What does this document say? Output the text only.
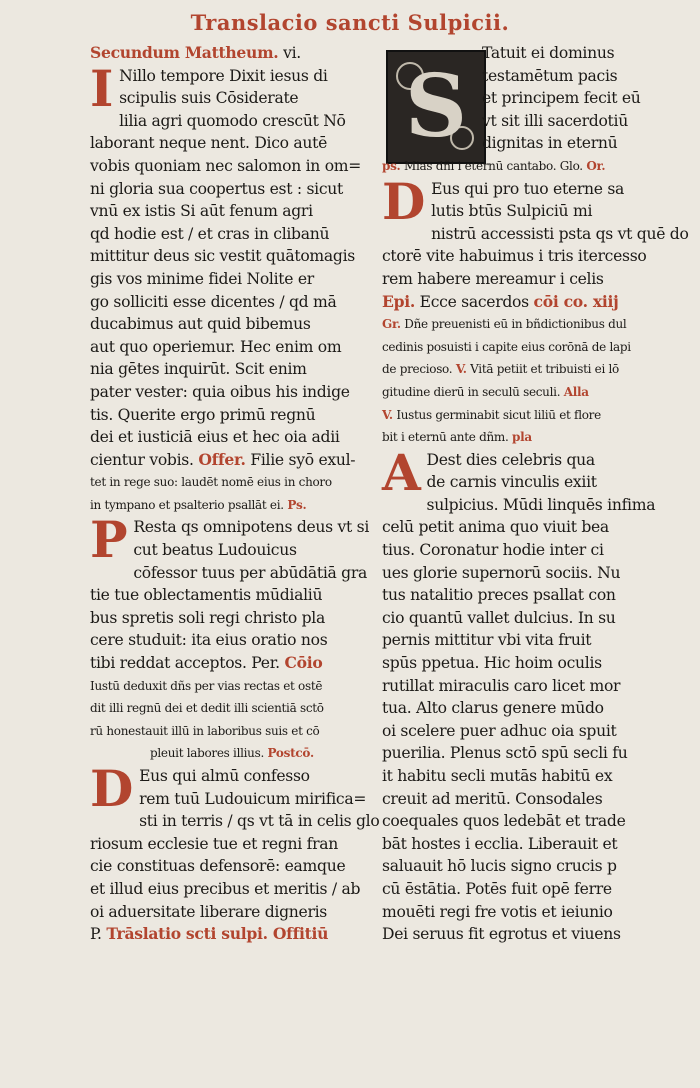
Translacio sancti Sulpicii.
Secundum Mattheum. vi.
I Nillo tempore Dixit iesus di
scipulis suis Cōsiderate
lilia agri quomodo crescūt Nō
laborant neque nent. Dico autē
vobis quoniam nec salomon in om=
ni gloria sua coopertus est : sicut
vnū ex istis Si aūt fenum agri
qd hodie est / et cras in clibanū
mittitur deus sic vestit quātomagis
gis vos minime fidei Nolite er
go solliciti esse dicentes / qd mā
ducabimus aut quid bibemus
aut quo operiemur. Hec enim om
nia gētes inquirūt. Scit enim
pater vester: quia oibus his indige
tis. Querite ergo primū regnū
dei et iusticiā eius et hec oia adii
cientur vobis. Offer. Filie syō exul-
tet in rege suo: laudēt nomē eius in choro
in tympano et psalterio psallāt ei. Ps.
P Resta qs omnipotens deus vt si
cut beatus Ludouicus
cōfessor tuus per abūdātiā gra
tie tue oblectamentis mūdialiū
bus spretis soli regi christo pla
cere studuit: ita eius oratio nos
tibi reddat acceptos. Per. Cōio
Iustū deduxit dñs per vias rectas et ostē
dit illi regnū dei et dedit illi scientiā sctō
rū honestauit illū in laboribus suis et cō
pleuit labores illius. Postcō.
D Eus qui almū confesso
rem tuū Ludouicum mirifica=
sti in terris / qs vt tā in celis glo
riosum ecclesie tue et regni fran
cie constituas defensorē: eamque
et illud eius precibus et meritis / ab
oi aduersitate liberare digneris
P. Trāslatio scti sulpi. Offitiū
S
Tatuit ei dominus
testamētum pacis
et principem fecit eū
vt sit illi sacerdotiū
dignitas in eternū
ps. Mias dñi i eternū cantabo. Glo. Or.
D Eus qui pro tuo eterne sa
lutis btūs Sulpiciū mi
nistrū accessisti psta qs vt quē do
ctorē vite habuimus i tris itercesso
rem habere mereamur i celis
Epi. Ecce sacerdos cōi co. xiij
Gr. Dñe preuenisti eū in bñdictionibus dul
cedinis posuisti i capite eius corōnā de lapi
de precioso. V. Vitā petiit et tribuisti ei lō
gitudine dierū in seculū seculi. Alla
V. Iustus germinabit sicut liliū et flore
bit i eternū ante dñm. pla
A Dest dies celebris qua
de carnis vinculis exiit
sulpicius. Mūdi linquēs infima
celū petit anima quo viuit bea
tius. Coronatur hodie inter ci
ues glorie supernorū sociis. Nu
tus natalitio preces psallat con
cio quantū vallet dulcius. In su
pernis mittitur vbi vita fruit
spūs ppetua. Hic hoim oculis
rutillat miraculis caro licet mor
tua. Alto clarus genere mūdo
oi scelere puer adhuc oia spuit
puerilia. Plenus sctō spū secli fu
it habitu secli mutās habitū ex
creuit ad meritū. Consodales
coequales quos ledebāt et trade
bāt hostes i ecclia. Liberauit et
saluauit hō lucis signo crucis p
cū ēstātia. Potēs fuit opē ferre
mouēti regi fre votis et ieiunio
Dei seruus fit egrotus et viuens
